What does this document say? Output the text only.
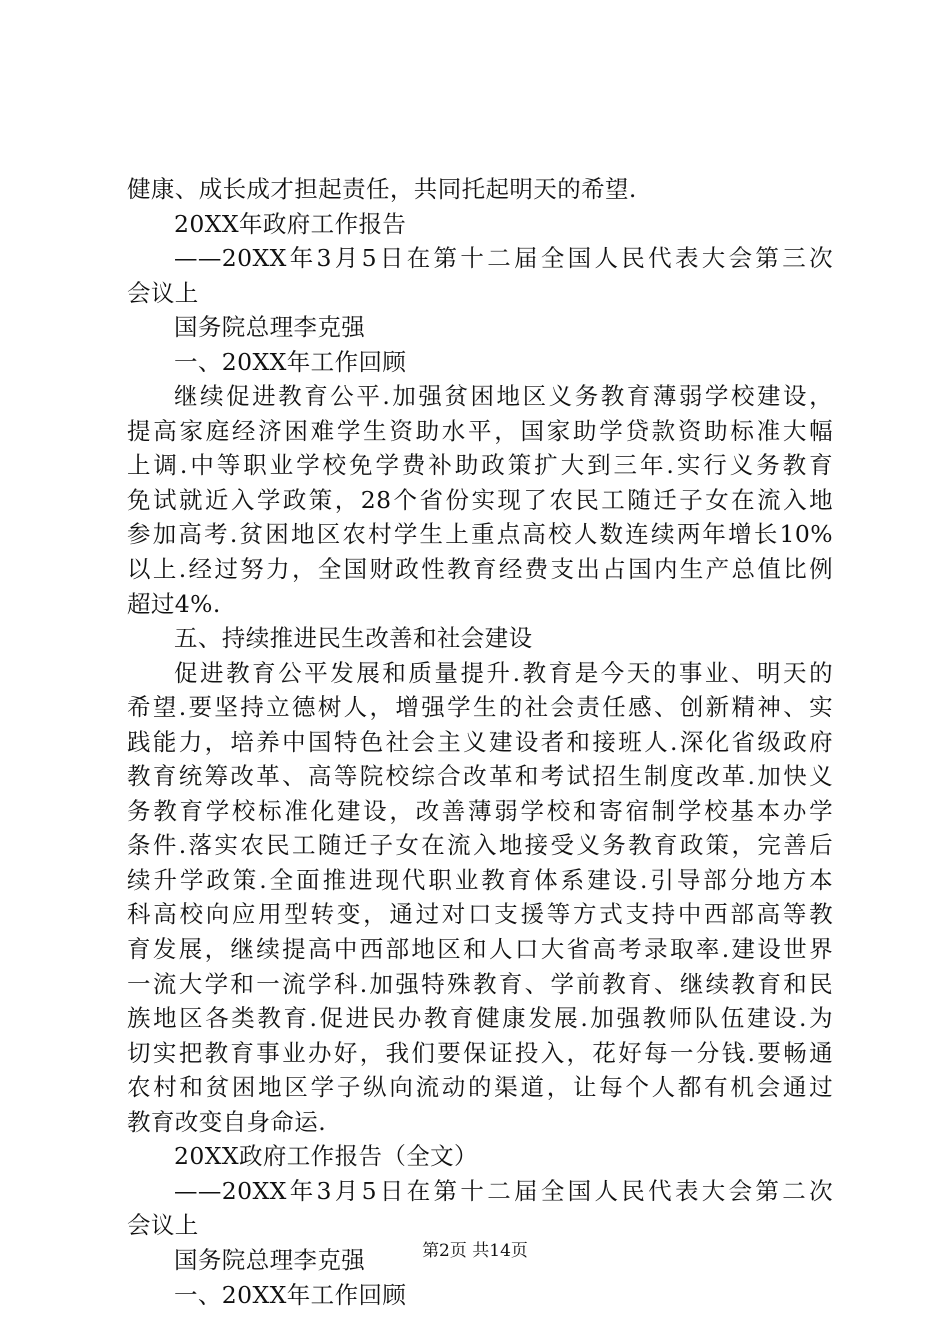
健康、成长成才担起责任，共同托起明天的希望.
20XX年政府工作报告
——20XX年3月5日在第十二届全国人民代表大会第三次
会议上
国务院总理李克强
一、20XX年工作回顾
继续促进教育公平.加强贫困地区义务教育薄弱学校建设，
提高家庭经济困难学生资助水平，国家助学贷款资助标准大幅
上调.中等职业学校免学费补助政策扩大到三年.实行义务教育
免试就近入学政策，28个省份实现了农民工随迁子女在流入地
参加高考.贫困地区农村学生上重点高校人数连续两年增长10%
以上.经过努力，全国财政性教育经费支出占国内生产总值比例
超过4%.
五、持续推进民生改善和社会建设
促进教育公平发展和质量提升.教育是今天的事业、明天的
希望.要坚持立德树人，增强学生的社会责任感、创新精神、实
践能力，培养中国特色社会主义建设者和接班人.深化省级政府
教育统筹改革、高等院校综合改革和考试招生制度改革.加快义
务教育学校标准化建设，改善薄弱学校和寄宿制学校基本办学
条件.落实农民工随迁子女在流入地接受义务教育政策，完善后
续升学政策.全面推进现代职业教育体系建设.引导部分地方本
科高校向应用型转变，通过对口支援等方式支持中西部高等教
育发展，继续提高中西部地区和人口大省高考录取率.建设世界
一流大学和一流学科.加强特殊教育、学前教育、继续教育和民
族地区各类教育.促进民办教育健康发展.加强教师队伍建设.为
切实把教育事业办好，我们要保证投入，花好每一分钱.要畅通
农村和贫困地区学子纵向流动的渠道，让每个人都有机会通过
教育改变自身命运.
20XX政府工作报告（全文）
——20XX年3月5日在第十二届全国人民代表大会第二次
会议上
国务院总理李克强
一、20XX年工作回顾
第2页 共14页
